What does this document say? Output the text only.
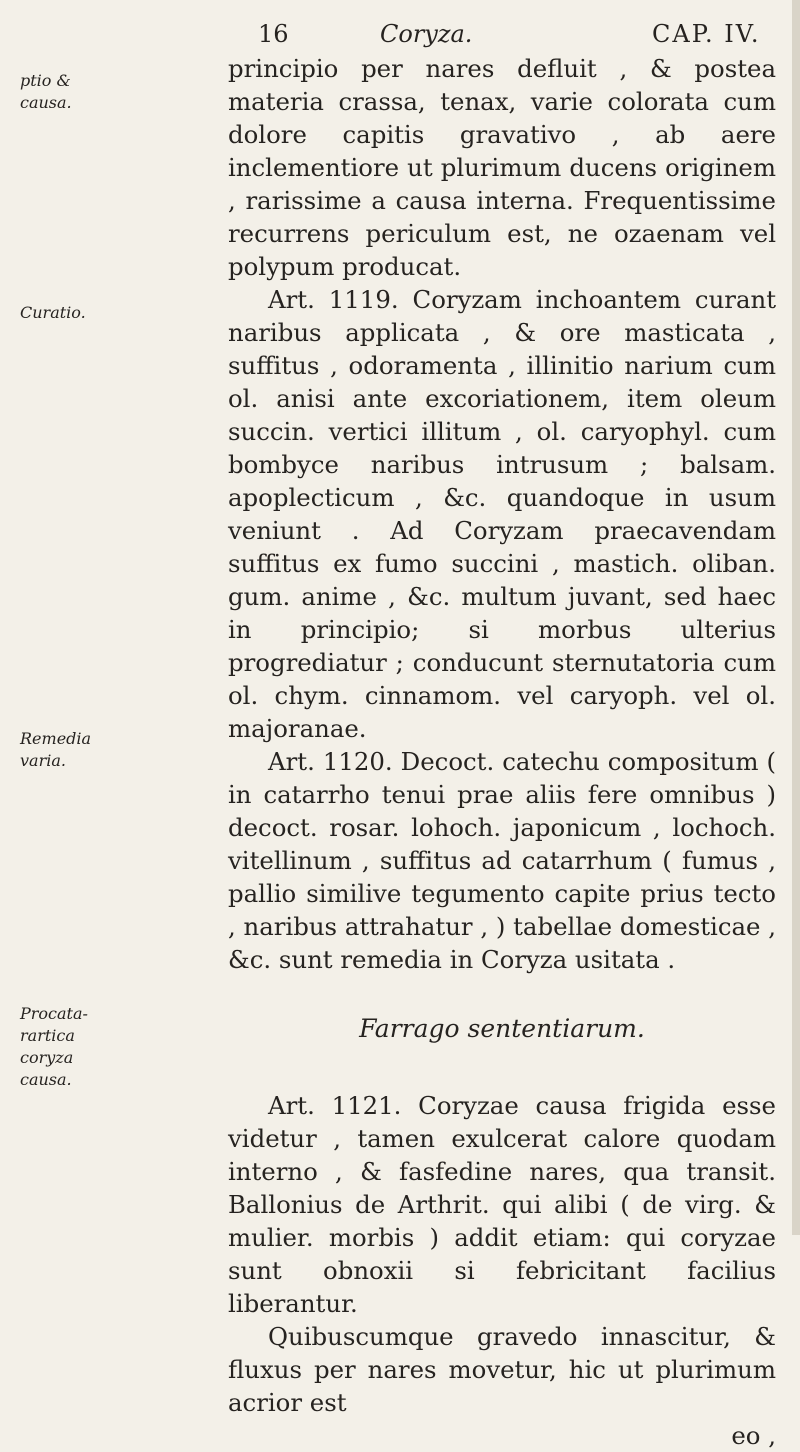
16	Coryza.	CAP. IV.
ptio &
causa.
Curatio.
Remedia
varia.
Procata-
rartica
coryza
causa.

principio per nares defluit , & postea materia crassa, tenax, varie colorata cum dolore capitis gravativo , ab aere inclementiore ut plurimum ducens originem , rarissime a causa interna. Frequentissime recurrens periculum est, ne ozaenam vel polypum producat.

Art. 1119. Coryzam inchoantem curant naribus applicata , & ore masticata , suffitus , odoramenta , illinitio narium cum ol. anisi ante excoriationem, item oleum succin. vertici illitum , ol. caryophyl. cum bombyce naribus intrusum ; balsam. apoplecticum , &c. quandoque in usum veniunt . Ad Coryzam praecavendam suffitus ex fumo succini , mastich. oliban. gum. anime , &c. multum juvant, sed haec in principio; si morbus ulterius progrediatur ; conducunt sternutatoria cum ol. chym. cinnamom. vel caryoph. vel ol. majoranae.

Art. 1120. Decoct. catechu compositum ( in catarrho tenui prae aliis fere omnibus ) decoct. rosar. lohoch. japonicum , lochoch. vitellinum , suffitus ad catarrhum ( fumus , pallio similive tegumento capite prius tecto , naribus attrahatur , ) tabellae domesticae , &c. sunt remedia in Coryza usitata .

Farrago sententiarum.

Art. 1121. Coryzae causa frigida esse videtur , tamen exulcerat calore quodam interno , & fasfedine nares, qua transit. Ballonius de Arthrit. qui alibi ( de virg. & mulier. morbis ) addit etiam: qui coryzae sunt obnoxii si febricitant facilius liberantur.

Quibuscumque gravedo innascitur, & fluxus per nares movetur, hic ut plurimum acrior est

eo ,
